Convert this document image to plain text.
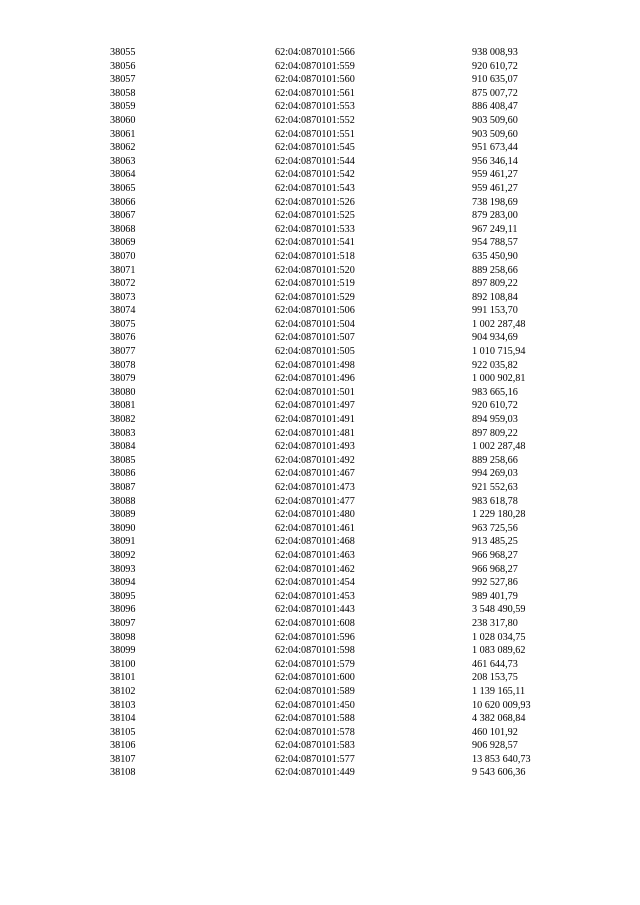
38055	62:04:0870101:566	938 008,93
38056	62:04:0870101:559	920 610,72
38057	62:04:0870101:560	910 635,07
38058	62:04:0870101:561	875 007,72
38059	62:04:0870101:553	886 408,47
38060	62:04:0870101:552	903 509,60
38061	62:04:0870101:551	903 509,60
38062	62:04:0870101:545	951 673,44
38063	62:04:0870101:544	956 346,14
38064	62:04:0870101:542	959 461,27
38065	62:04:0870101:543	959 461,27
38066	62:04:0870101:526	738 198,69
38067	62:04:0870101:525	879 283,00
38068	62:04:0870101:533	967 249,11
38069	62:04:0870101:541	954 788,57
38070	62:04:0870101:518	635 450,90
38071	62:04:0870101:520	889 258,66
38072	62:04:0870101:519	897 809,22
38073	62:04:0870101:529	892 108,84
38074	62:04:0870101:506	991 153,70
38075	62:04:0870101:504	1 002 287,48
38076	62:04:0870101:507	904 934,69
38077	62:04:0870101:505	1 010 715,94
38078	62:04:0870101:498	922 035,82
38079	62:04:0870101:496	1 000 902,81
38080	62:04:0870101:501	983 665,16
38081	62:04:0870101:497	920 610,72
38082	62:04:0870101:491	894 959,03
38083	62:04:0870101:481	897 809,22
38084	62:04:0870101:493	1 002 287,48
38085	62:04:0870101:492	889 258,66
38086	62:04:0870101:467	994 269,03
38087	62:04:0870101:473	921 552,63
38088	62:04:0870101:477	983 618,78
38089	62:04:0870101:480	1 229 180,28
38090	62:04:0870101:461	963 725,56
38091	62:04:0870101:468	913 485,25
38092	62:04:0870101:463	966 968,27
38093	62:04:0870101:462	966 968,27
38094	62:04:0870101:454	992 527,86
38095	62:04:0870101:453	989 401,79
38096	62:04:0870101:443	3 548 490,59
38097	62:04:0870101:608	238 317,80
38098	62:04:0870101:596	1 028 034,75
38099	62:04:0870101:598	1 083 089,62
38100	62:04:0870101:579	461 644,73
38101	62:04:0870101:600	208 153,75
38102	62:04:0870101:589	1 139 165,11
38103	62:04:0870101:450	10 620 009,93
38104	62:04:0870101:588	4 382 068,84
38105	62:04:0870101:578	460 101,92
38106	62:04:0870101:583	906 928,57
38107	62:04:0870101:577	13 853 640,73
38108	62:04:0870101:449	9 543 606,36
